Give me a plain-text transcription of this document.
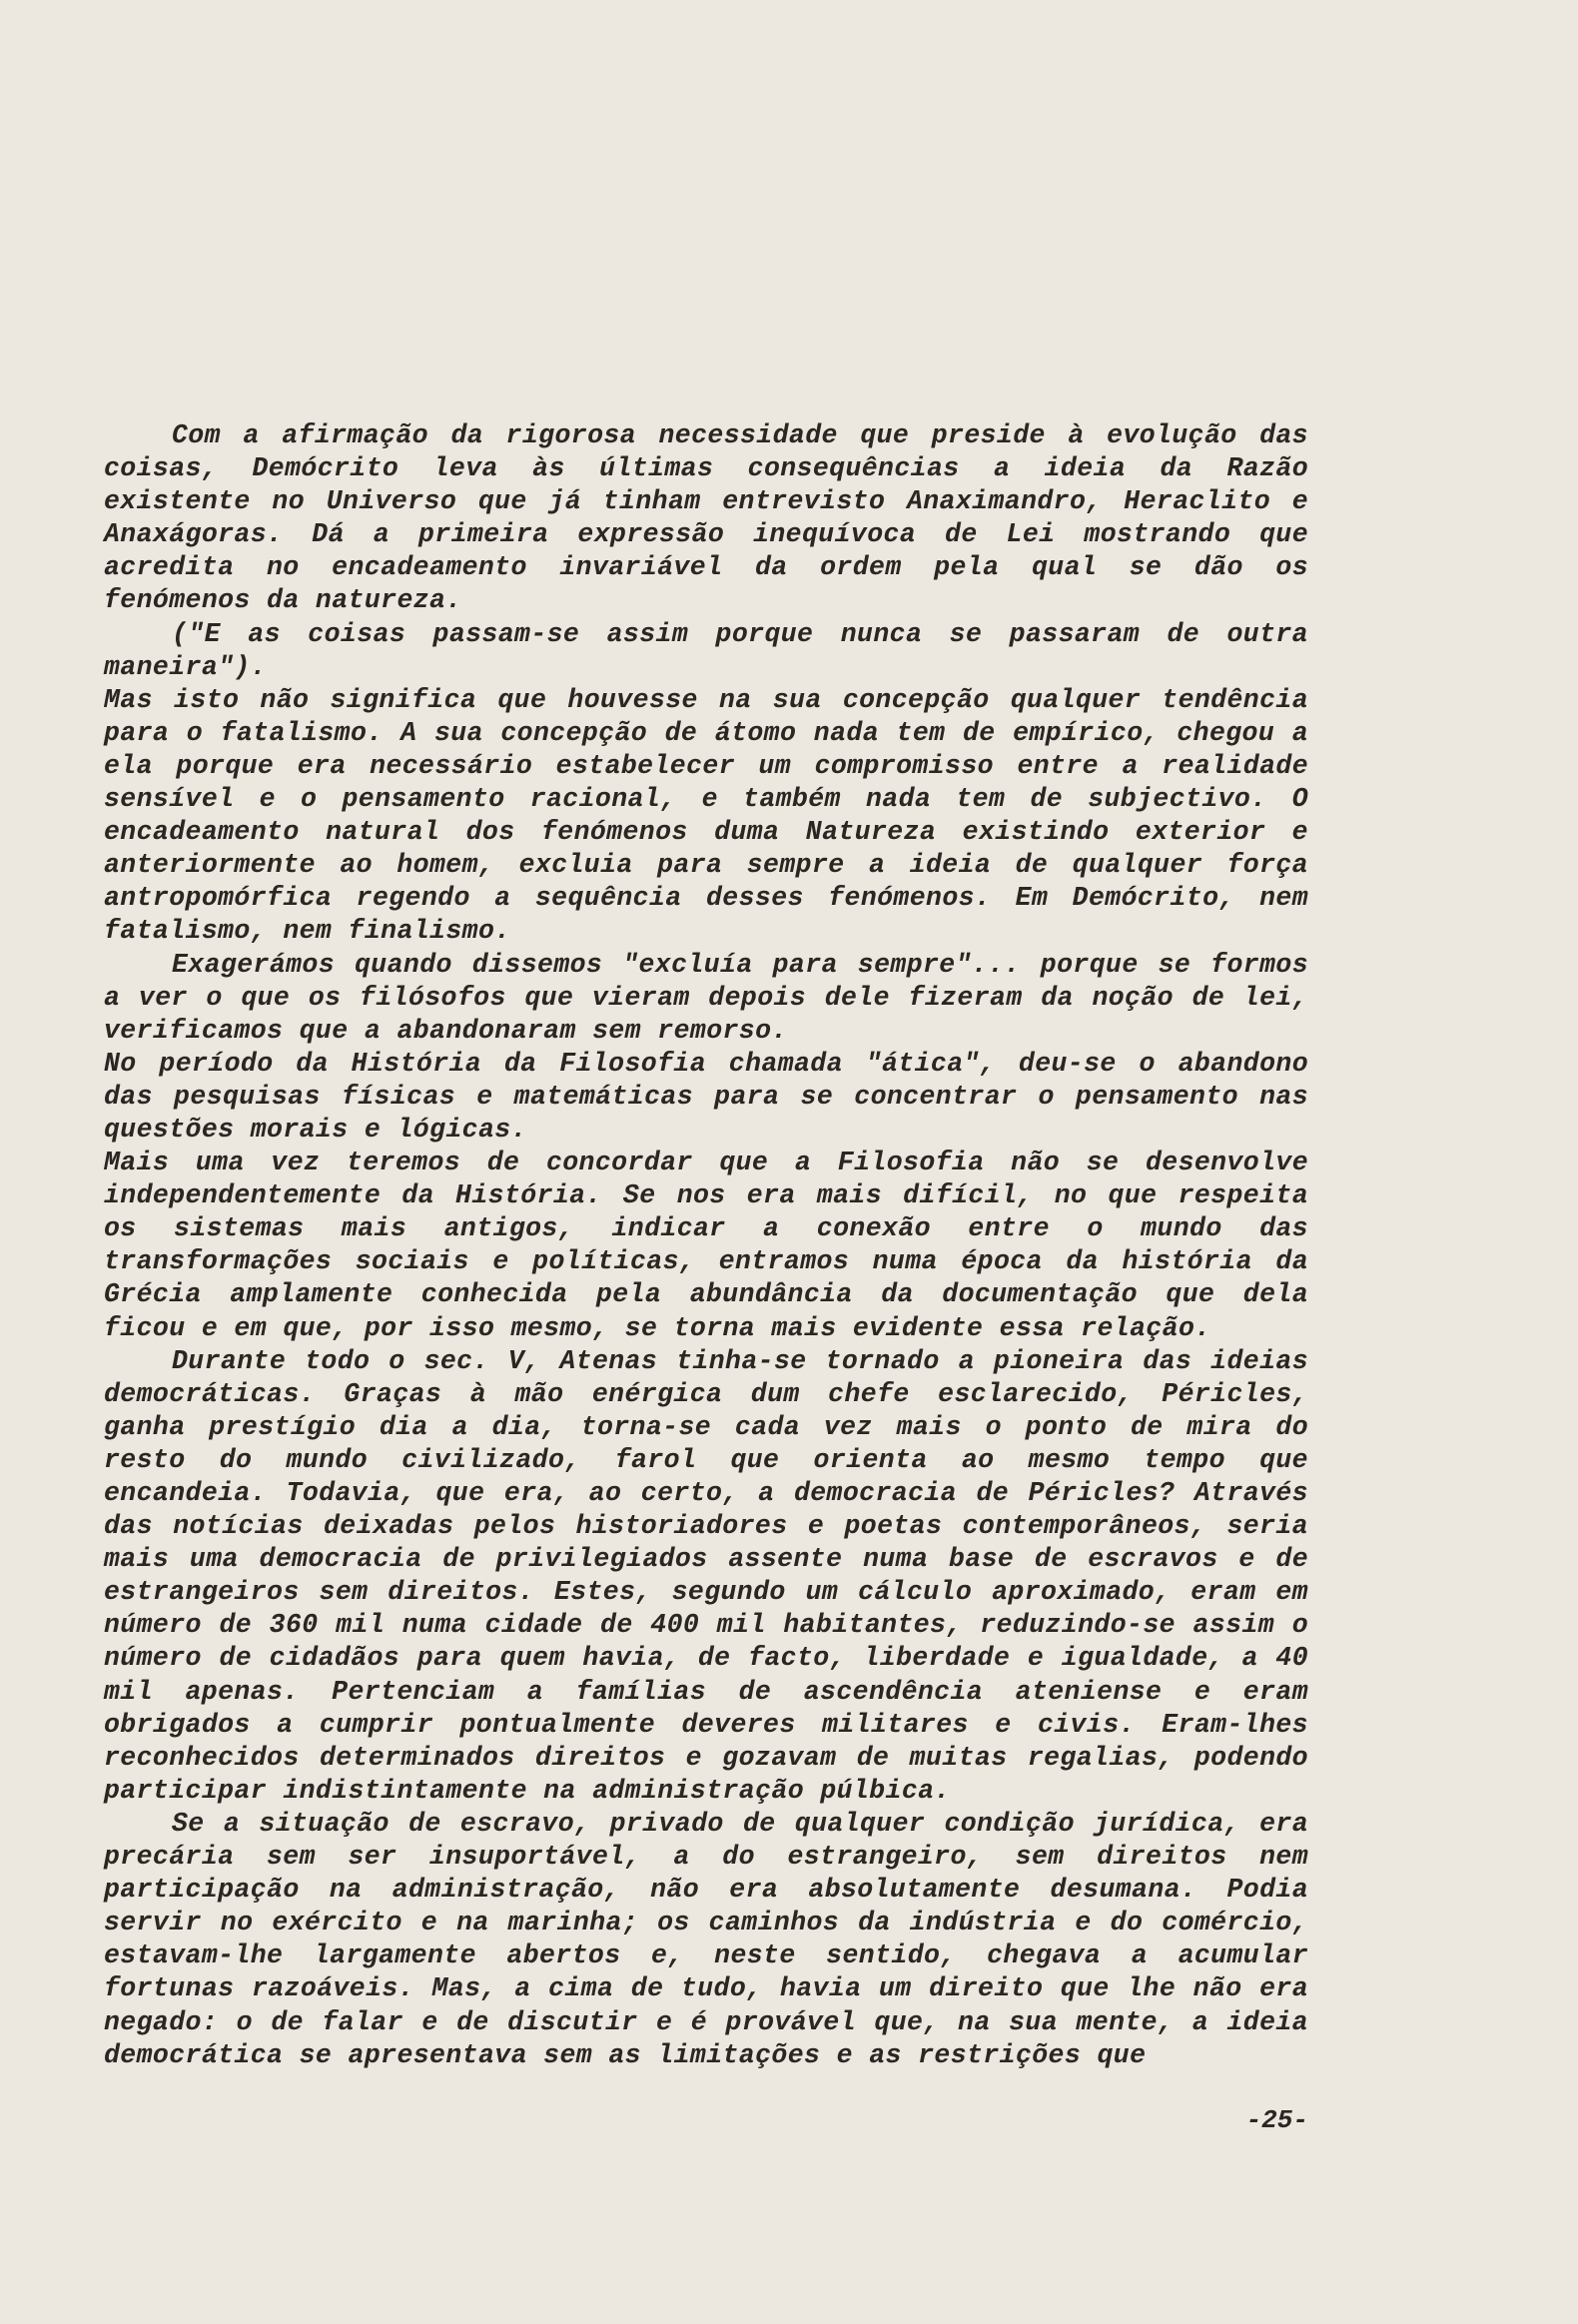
Com a afirmação da rigorosa necessidade que preside à evolução das coisas, Demócrito leva às últimas consequências a ideia da Razão existente no Universo que já tinham entrevisto Anaximandro, Heraclito e Anaxágoras. Dá a primeira expressão inequívoca de Lei mostrando que acredita no encadeamento invariável da ordem pela qual se dão os fenómenos da natureza.

("E as coisas passam-se assim porque nunca se passaram de outra maneira").

Mas isto não significa que houvesse na sua concepção qualquer tendência para o fatalismo. A sua concepção de átomo nada tem de empírico, chegou a ela porque era necessário estabelecer um compromisso entre a realidade sensível e o pensamento racional, e também nada tem de subjectivo. O encadeamento natural dos fenómenos duma Natureza existindo exterior e anteriormente ao homem, excluia para sempre a ideia de qualquer força antropomórfica regendo a sequência desses fenómenos. Em Demócrito, nem fatalismo, nem finalismo.

Exagerámos quando dissemos "excluía para sempre"... porque se formos a ver o que os filósofos que vieram depois dele fizeram da noção de lei, verificamos que a abandonaram sem remorso.

No período da História da Filosofia chamada "ática", deu-se o abandono das pesquisas físicas e matemáticas para se concentrar o pensamento nas questões morais e lógicas.

Mais uma vez teremos de concordar que a Filosofia não se desenvolve independentemente da História. Se nos era mais difícil, no que respeita os sistemas mais antigos, indicar a conexão entre o mundo das transformações sociais e políticas, entramos numa época da história da Grécia amplamente conhecida pela abundância da documentação que dela ficou e em que, por isso mesmo, se torna mais evidente essa relação.

Durante todo o sec. V, Atenas tinha-se tornado a pioneira das ideias democráticas. Graças à mão enérgica dum chefe esclarecido, Péricles, ganha prestígio dia a dia, torna-se cada vez mais o ponto de mira do resto do mundo civilizado, farol que orienta ao mesmo tempo que encandeia. Todavia, que era, ao certo, a democracia de Péricles? Através das notícias deixadas pelos historiadores e poetas contemporâneos, seria mais uma democracia de privilegiados assente numa base de escravos e de estrangeiros sem direitos. Estes, segundo um cálculo aproximado, eram em número de 360 mil numa cidade de 400 mil habitantes, reduzindo-se assim o número de cidadãos para quem havia, de facto, liberdade e igualdade, a 40 mil apenas. Pertenciam a famílias de ascendência ateniense e eram obrigados a cumprir pontualmente deveres militares e civis. Eram-lhes reconhecidos determinados direitos e gozavam de muitas regalias, podendo participar indistintamente na administração púlbica.

Se a situação de escravo, privado de qualquer condição jurídica, era precária sem ser insuportável, a do estrangeiro, sem direitos nem participação na administração, não era absolutamente desumana. Podia servir no exército e na marinha; os caminhos da indústria e do comércio, estavam-lhe largamente abertos e, neste sentido, chegava a acumular fortunas razoáveis. Mas, a cima de tudo, havia um direito que lhe não era negado: o de falar e de discutir e é provável que, na sua mente, a ideia democrática se apresentava sem as limitações e as restrições que

-25-
